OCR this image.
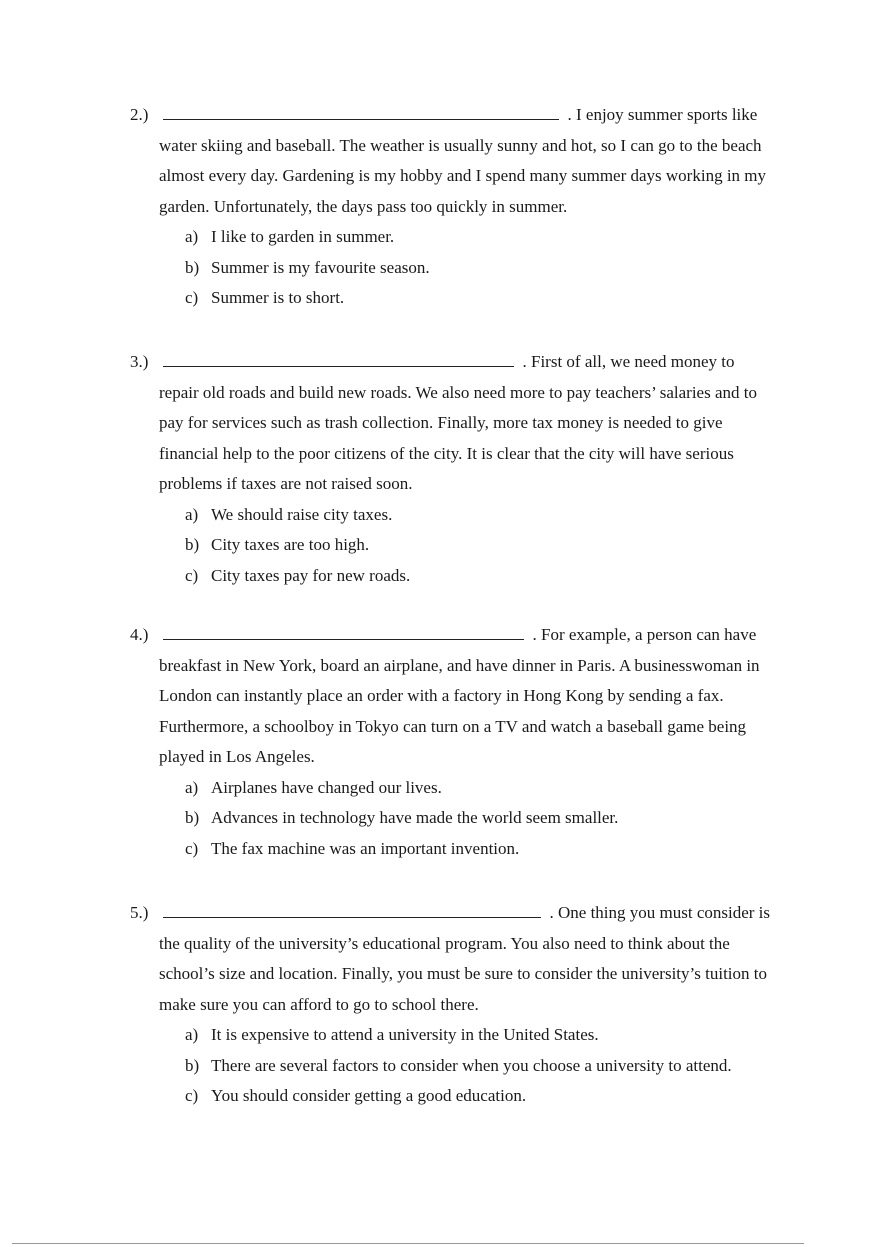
2.)	. I enjoy summer sports like
water skiing and baseball. The weather is usually sunny and hot, so I can go to the beach almost every day. Gardening is my hobby and I spend many summer days working in my garden. Unfortunately, the days pass too quickly in summer.
a) I like to garden in summer.
b) Summer is my favourite season.
c) Summer is to short.
3.)	. First of all, we need money to
repair old roads and build new roads. We also need more to pay teachers’ salaries and to pay for services such as trash collection. Finally, more tax money is needed to give financial help to the poor citizens of the city. It is clear that the city will have serious problems if taxes are not raised soon.
a) We should raise city taxes.
b) City taxes are too high.
c) City taxes pay for new roads.
4.)	. For example, a person can have
breakfast in New York, board an airplane, and have dinner in Paris. A businesswoman in London can instantly place an order with a factory in Hong Kong by sending a fax. Furthermore, a schoolboy in Tokyo can turn on a TV and watch a baseball game being played in Los Angeles.
a) Airplanes have changed our lives.
b) Advances in technology have made the world seem smaller.
c) The fax machine was an important invention.
5.)	. One thing you must consider is
the quality of the university’s educational program. You also need to think about the school’s size and location. Finally, you must be sure to consider the university’s tuition to make sure you can afford to go to school there.
a) It is expensive to attend a university in the United States.
b) There are several factors to consider when you choose a university to attend.
c) You should consider getting a good education.
